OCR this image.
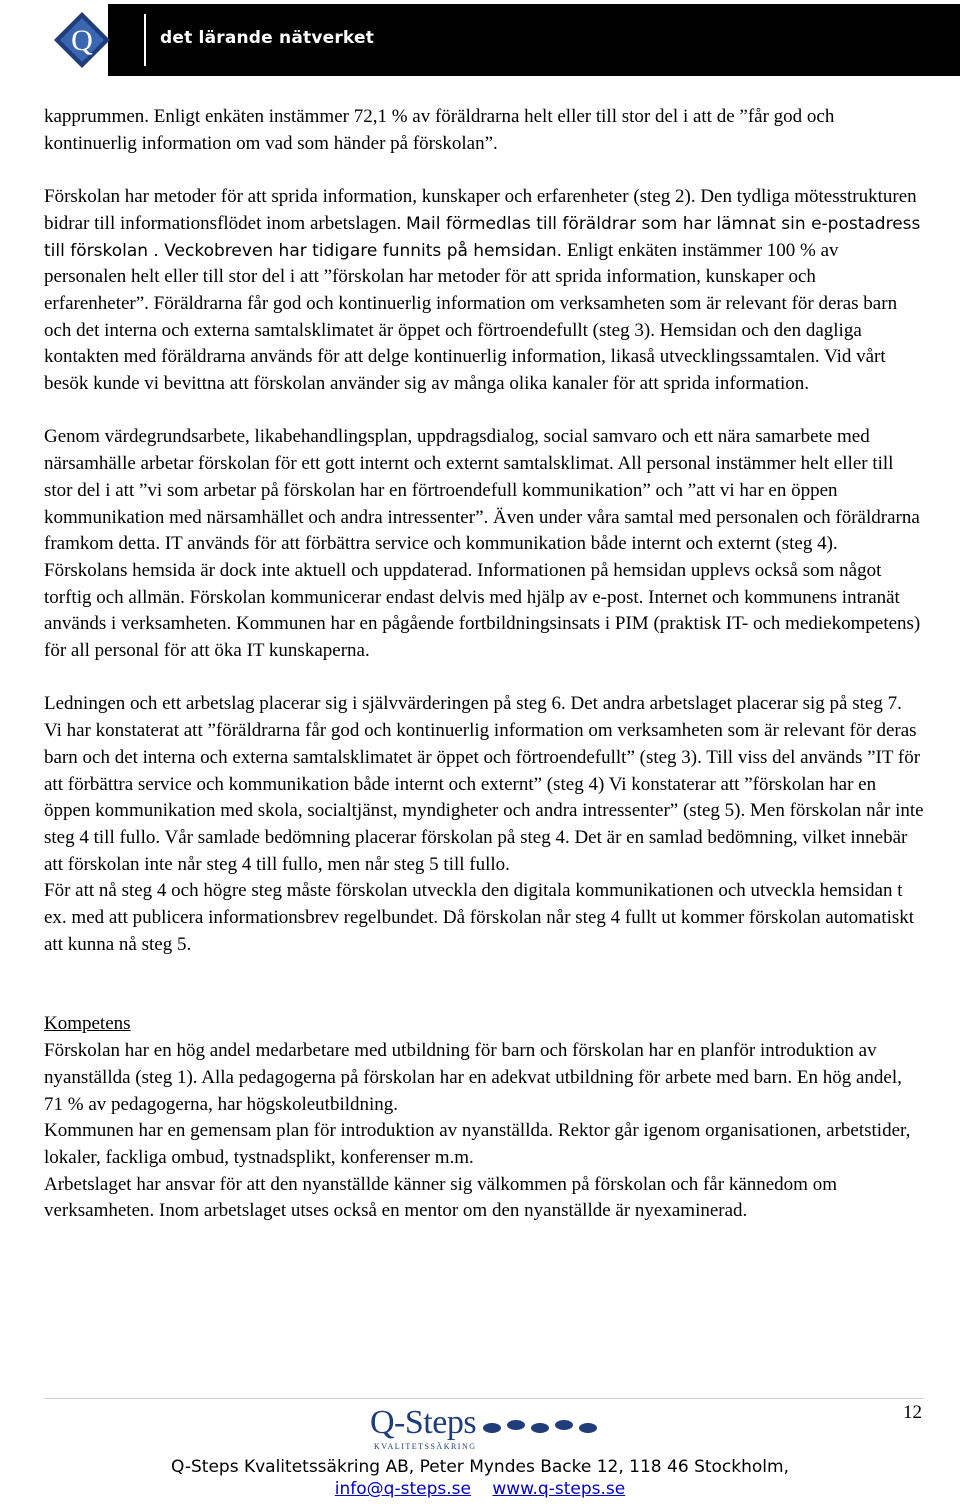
Q	det lärande nätverket

kapprummen. Enligt enkäten instämmer 72,1 % av föräldrarna helt eller till stor del i att de ”får god och kontinuerlig information om vad som händer på förskolan”.

Förskolan har metoder för att sprida information, kunskaper och erfarenheter (steg 2). Den tydliga mötesstrukturen bidrar till informationsflödet inom arbetslagen. Mail förmedlas till föräldrar som har lämnat sin e-postadress till förskolan . Veckobreven har tidigare funnits på hemsidan. Enligt enkäten instämmer 100 % av personalen helt eller till stor del i att ”förskolan har metoder för att sprida information, kunskaper och erfarenheter”. Föräldrarna får god och kontinuerlig information om verksamheten som är relevant för deras barn och det interna och externa samtalsklimatet är öppet och förtroendefullt (steg 3). Hemsidan och den dagliga kontakten med föräldrarna används för att delge kontinuerlig information, likaså utvecklingssamtalen. Vid vårt besök kunde vi bevittna att förskolan använder sig av många olika kanaler för att sprida information.

Genom värdegrundsarbete, likabehandlingsplan, uppdragsdialog, social samvaro och ett nära samarbete med närsamhälle arbetar förskolan för ett gott internt och externt samtalsklimat. All personal instämmer helt eller till stor del i att ”vi som arbetar på förskolan har en förtroendefull kommunikation” och ”att vi har en öppen kommunikation med närsamhället och andra intressenter”. Även under våra samtal med personalen och föräldrarna framkom detta. IT används för att förbättra service och kommunikation både internt och externt (steg 4). Förskolans hemsida är dock inte aktuell och uppdaterad. Informationen på hemsidan upplevs också som något torftig och allmän. Förskolan kommunicerar endast delvis med hjälp av e-post. Internet och kommunens intranät används i verksamheten. Kommunen har en pågående fortbildningsinsats i PIM (praktisk IT- och mediekompetens) för all personal för att öka IT kunskaperna.

Ledningen och ett arbetslag placerar sig i självvärderingen på steg 6. Det andra arbetslaget placerar sig på steg 7. Vi har konstaterat att ”föräldrarna får god och kontinuerlig information om verksamheten som är relevant för deras barn och det interna och externa samtalsklimatet är öppet och förtroendefullt” (steg 3). Till viss del används ”IT för att förbättra service och kommunikation både internt och externt” (steg 4) Vi konstaterar att ”förskolan har en öppen kommunikation med skola, socialtjänst, myndigheter och andra intressenter” (steg 5). Men förskolan når inte steg 4 till fullo. Vår samlade bedömning placerar förskolan på steg 4. Det är en samlad bedömning, vilket innebär att förskolan inte når steg 4 till fullo, men når steg 5 till fullo.

För att nå steg 4 och högre steg måste förskolan utveckla den digitala kommunikationen och utveckla hemsidan t ex. med att publicera informationsbrev regelbundet. Då förskolan når steg 4 fullt ut kommer förskolan automatiskt att kunna nå steg 5.

Kompetens

Förskolan har en hög andel medarbetare med utbildning för barn och förskolan har en planför introduktion av nyanställda (steg 1). Alla pedagogerna på förskolan har en adekvat utbildning för arbete med barn. En hög andel, 71 % av pedagogerna, har högskoleutbildning.

Kommunen har en gemensam plan för introduktion av nyanställda. Rektor går igenom organisationen, arbetstider, lokaler, fackliga ombud, tystnadsplikt, konferenser m.m.

Arbetslaget har ansvar för att den nyanställde känner sig välkommen på förskolan och får kännedom om verksamheten. Inom arbetslaget utses också en mentor om den nyanställde är nyexaminerad.

12
Q-Steps
KVALITETSSÄKRING
Q-Steps Kvalitetssäkring AB, Peter Myndes Backe 12, 118 46 Stockholm,
info@q-steps.se www.q-steps.se
